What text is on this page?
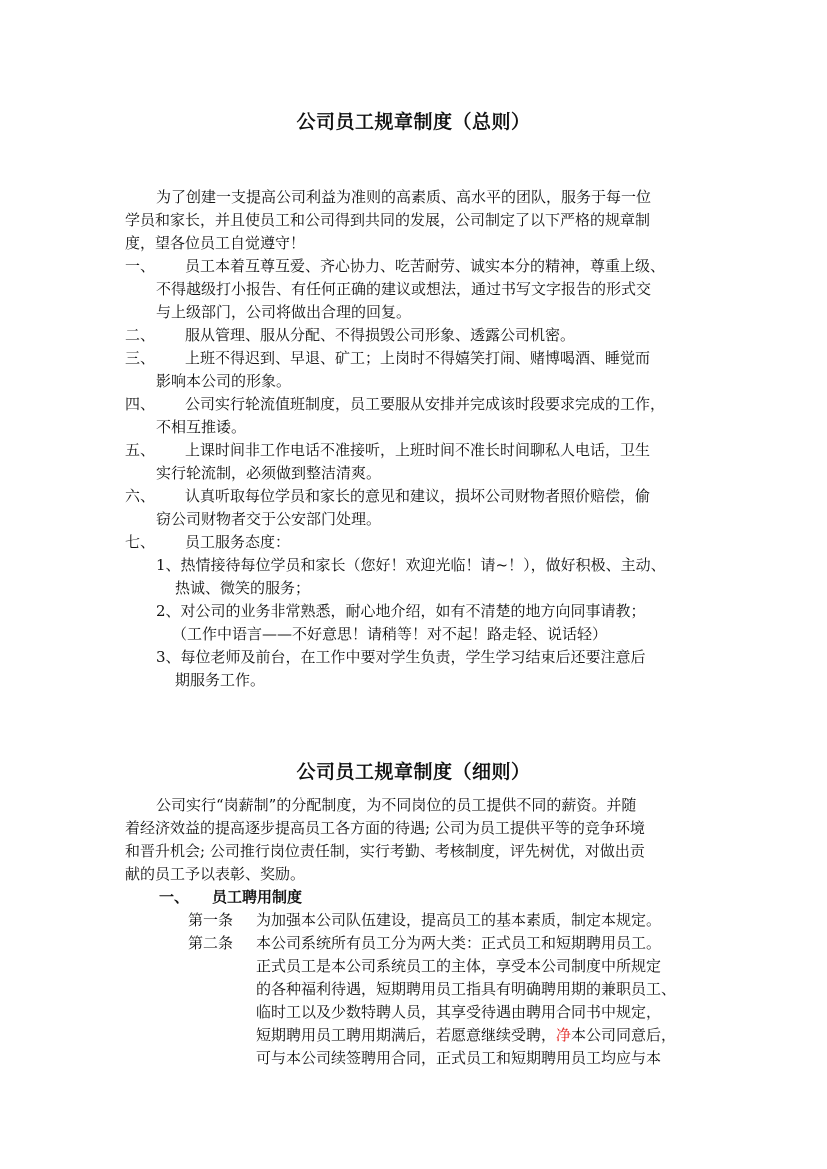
公司员工规章制度（总则）
为了创建一支提高公司利益为准则的高素质、高水平的团队，服务于每一位
学员和家长，并且使员工和公司得到共同的发展，公司制定了以下严格的规章制
度，望各位员工自觉遵守！
一、 员工本着互尊互爱、齐心协力、吃苦耐劳、诚实本分的精神，尊重上级、
不得越级打小报告、有任何正确的建议或想法，通过书写文字报告的形式交
与上级部门，公司将做出合理的回复。
二、 服从管理、服从分配、不得损毁公司形象、透露公司机密。
三、 上班不得迟到、早退、矿工；上岗时不得嬉笑打闹、赌博喝酒、睡觉而
影响本公司的形象。
四、 公司实行轮流值班制度，员工要服从安排并完成该时段要求完成的工作，
不相互推诿。
五、 上课时间非工作电话不准接听，上班时间不准长时间聊私人电话，卫生
实行轮流制，必须做到整洁清爽。
六、 认真听取每位学员和家长的意见和建议，损坏公司财物者照价赔偿，偷
窃公司财物者交于公安部门处理。
七、 员工服务态度：
1、热情接待每位学员和家长（您好！欢迎光临！请~！），做好积极、主动、
热诚、微笑的服务；
2、对公司的业务非常熟悉，耐心地介绍，如有不清楚的地方向同事请教；
（工作中语言——不好意思！请稍等！对不起！路走轻、说话轻）
3、每位老师及前台，在工作中要对学生负责，学生学习结束后还要注意后
期服务工作。
公司员工规章制度（细则）
公司实行“岗薪制”的分配制度，为不同岗位的员工提供不同的薪资。并随
着经济效益的提高逐步提高员工各方面的待遇; 公司为员工提供平等的竞争环境
和晋升机会; 公司推行岗位责任制，实行考勤、考核制度，评先树优，对做出贡
献的员工予以表彰、奖励。
一、 员工聘用制度
第一条 为加强本公司队伍建设，提高员工的基本素质，制定本规定。
第二条 本公司系统所有员工分为两大类：正式员工和短期聘用员工。
正式员工是本公司系统员工的主体，享受本公司制度中所规定
的各种福利待遇，短期聘用员工指具有明确聘用期的兼职员工、
临时工以及少数特聘人员，其享受待遇由聘用合同书中规定，
短期聘用员工聘用期满后，若愿意继续受聘，净本公司同意后，
可与本公司续签聘用合同，正式员工和短期聘用员工均应与本
